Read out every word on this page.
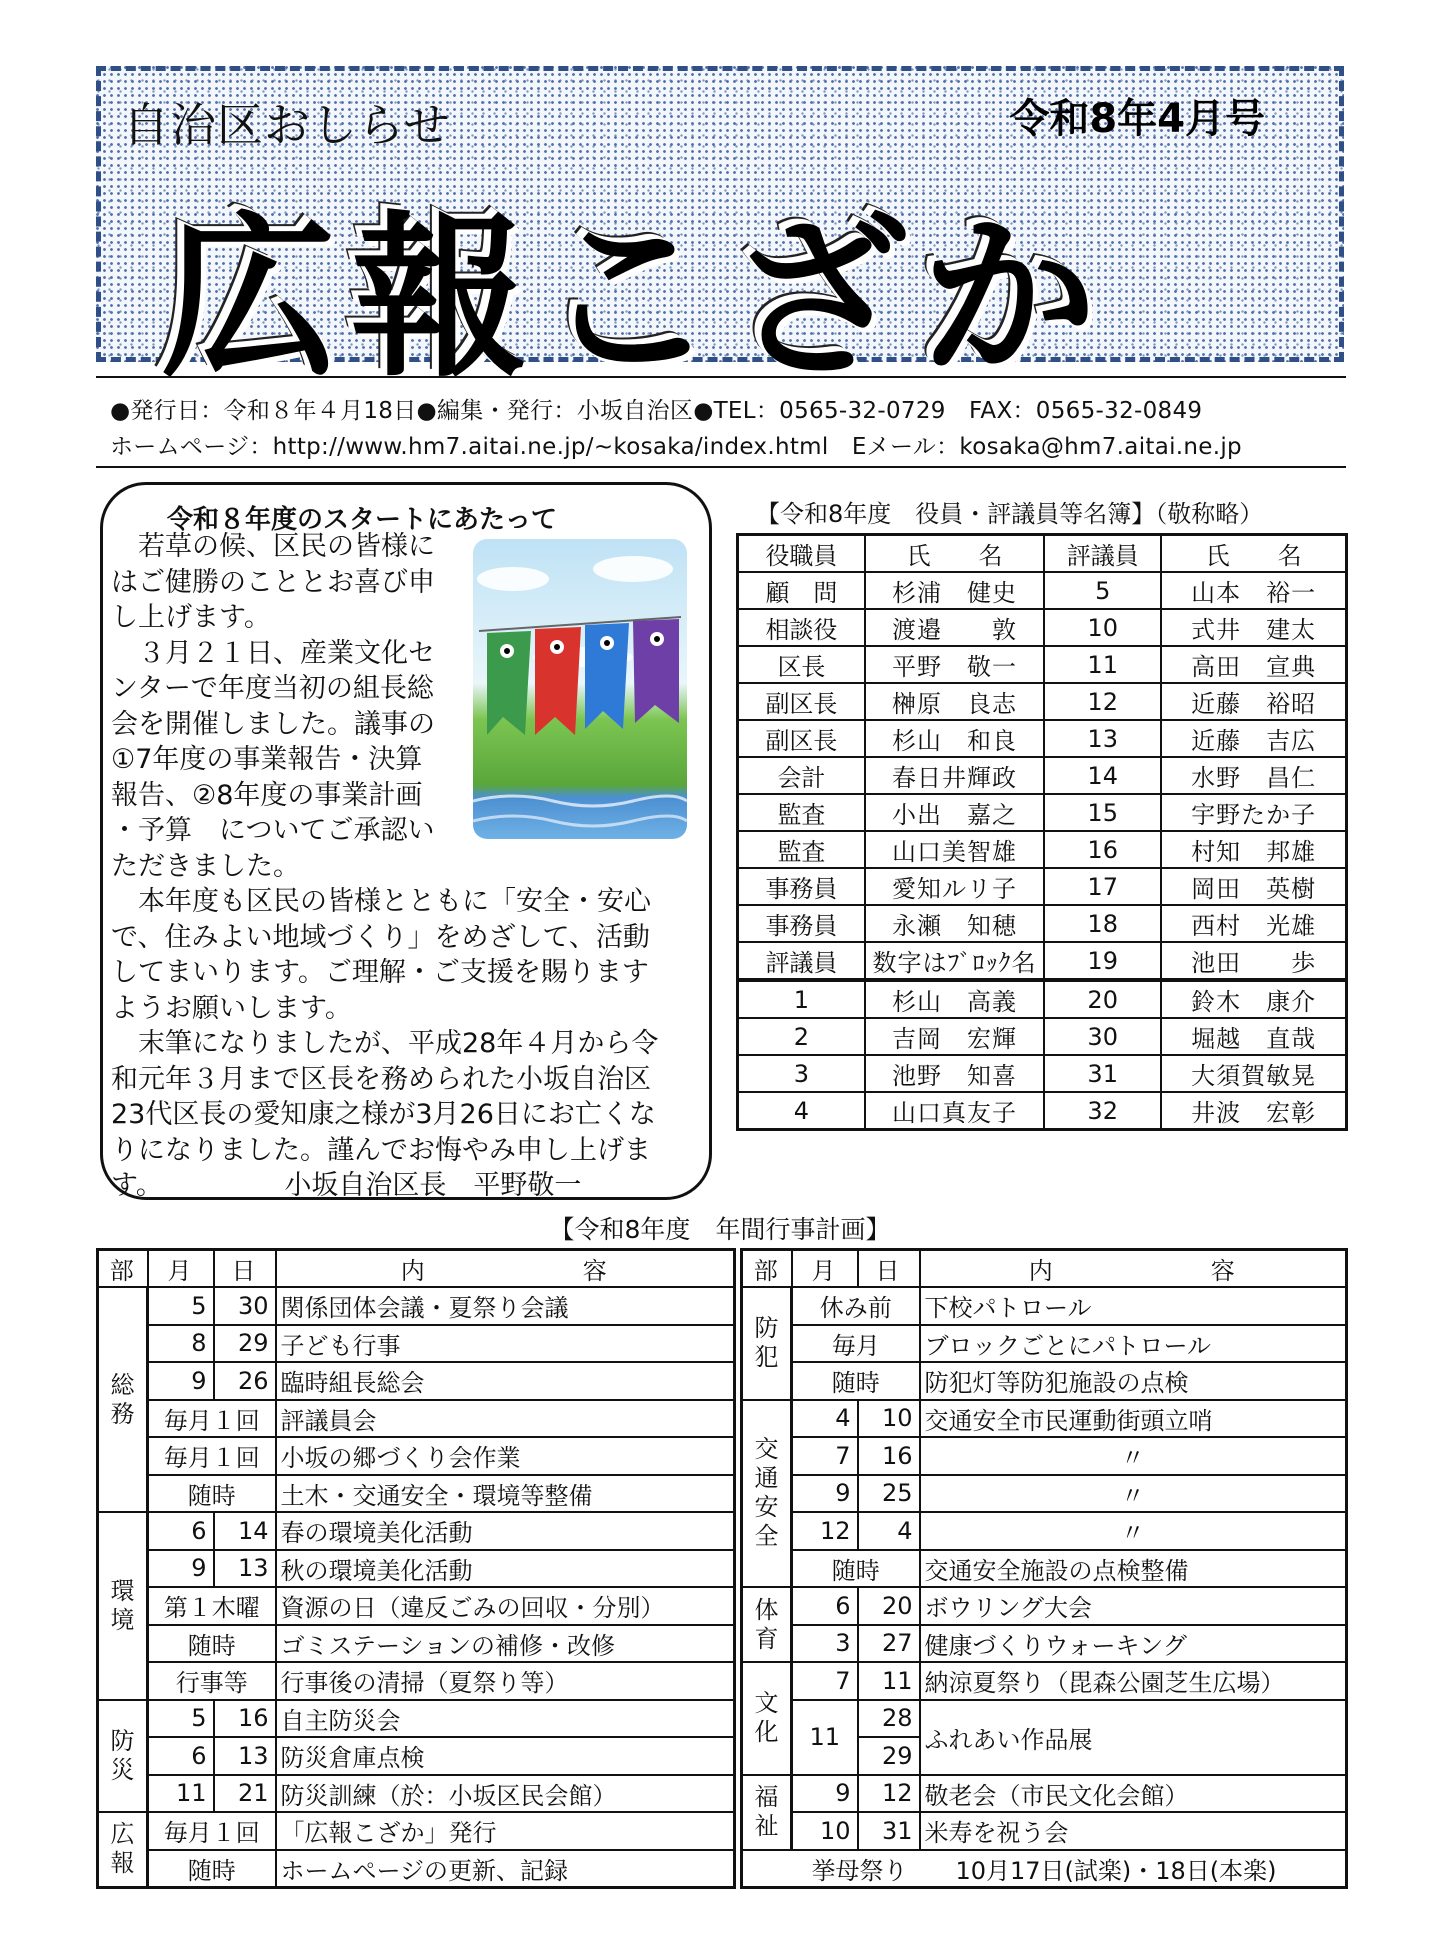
自治区おしらせ	令和8年4月号
広報こざか
●発行日：令和８年４月18日●編集・発行：小坂自治区●TEL：0565-32-0729　FAX：0565-32-0849
ホームページ：http://www.hm7.aitai.ne.jp/~kosaka/index.html　Eメール：kosaka@hm7.aitai.ne.jp
令和８年度のスタートにあたって
　若草の候、区民の皆様に
はご健勝のこととお喜び申
し上げます。
　３月２１日、産業文化セ
ンターで年度当初の組長総
会を開催しました。議事の
①7年度の事業報告・決算
報告、②8年度の事業計画
・予算　についてご承認い
ただきました。
　本年度も区民の皆様とともに「安全・安心
で、住みよい地域づくり」をめざして、活動
してまいります。ご理解・ご支援を賜ります
ようお願いします。
　末筆になりましたが、平成28年４月から令
和元年３月まで区長を務められた小坂自治区
23代区長の愛知康之様が3月26日にお亡くな
りになりました。謹んでお悔やみ申し上げま
す。　　　　　小坂自治区長　平野敬一
【令和8年度　役員・評議員等名簿】（敬称略）
役職員	氏　　名	評議員	氏　　名
顧　問	杉浦　健史	5	山本　裕一
相談役	渡邉　　敦	10	式井　建太
区長	平野　敬一	11	高田　宣典
副区長	榊原　良志	12	近藤　裕昭
副区長	杉山　和良	13	近藤　吉広
会計	春日井輝政	14	水野　昌仁
監査	小出　嘉之	15	宇野たか子
監査	山口美智雄	16	村知　邦雄
事務員	愛知ルリ子	17	岡田　英樹
事務員	永瀬　知穂	18	西村　光雄
評議員	数字はﾌﾞﾛｯｸ名	19	池田　　歩
1	杉山　高義	20	鈴木　康介
2	吉岡　宏輝	30	堀越　直哉
3	池野　知喜	31	大須賀敏晃
4	山口真友子	32	井波　宏彰
【令和8年度　年間行事計画】
部	月	日	内　　　　　　容
総務	5	30	関係団体会議・夏祭り会議
	8	29	子ども行事
	9	26	臨時組長総会
	毎月１回		評議員会
	毎月１回		小坂の郷づくり会作業
	随時		土木・交通安全・環境等整備
環境	6	14	春の環境美化活動
	9	13	秋の環境美化活動
	第１木曜		資源の日（違反ごみの回収・分別）
	随時		ゴミステーションの補修・改修
	行事等		行事後の清掃（夏祭り等）
防災	5	16	自主防災会
	6	13	防災倉庫点検
	11	21	防災訓練（於：小坂区民会館）
広報	毎月１回		「広報こざか」発行
	随時		ホームページの更新、記録
部	月	日	内　　　　　　容
防犯	休み前		下校パトロール
	毎月		ブロックごとにパトロール
	随時		防犯灯等防犯施設の点検
交通安全	4	10	交通安全市民運動街頭立哨
	7	16	〃
	9	25	〃
	12	4	〃
	随時		交通安全施設の点検整備
体育	6	20	ボウリング大会
	3	27	健康づくりウォーキング
文化	7	11	納涼夏祭り（毘森公園芝生広場）
	11	28	ふれあい作品展
		29	
福祉	9	12	敬老会（市民文化会館）
	10	31	米寿を祝う会
挙母祭り　　10月17日(試楽)・18日(本楽)			
